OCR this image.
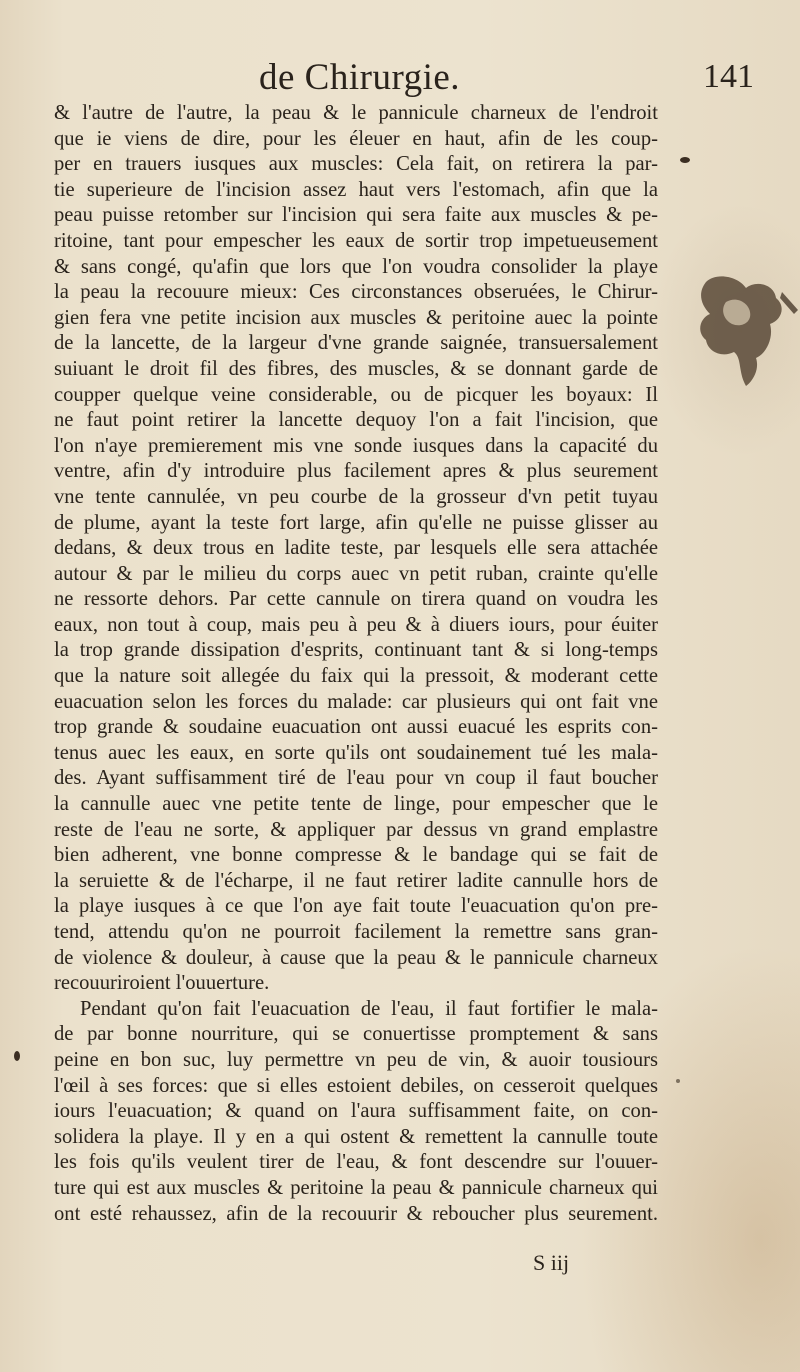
de Chirurgie.	141
& l'autre de l'autre, la peau & le pannicule charneux de l'endroit
que ie viens de dire, pour les éleuer en haut, afin de les coup-
per en trauers iusques aux muscles: Cela fait, on retirera la par-
tie superieure de l'incision assez haut vers l'estomach, afin que la
peau puisse retomber sur l'incision qui sera faite aux muscles & pe-
ritoine, tant pour empescher les eaux de sortir trop impetueusement
& sans congé, qu'afin que lors que l'on voudra consolider la playe
la peau la recouure mieux: Ces circonstances obseruées, le Chirur-
gien fera vne petite incision aux muscles & peritoine auec la pointe
de la lancette, de la largeur d'vne grande saignée, transuersalement
suiuant le droit fil des fibres, des muscles, & se donnant garde de
coupper quelque veine considerable, ou de picquer les boyaux: Il
ne faut point retirer la lancette dequoy l'on a fait l'incision, que
l'on n'aye premierement mis vne sonde iusques dans la capacité du
ventre, afin d'y introduire plus facilement apres & plus seurement
vne tente cannulée, vn peu courbe de la grosseur d'vn petit tuyau
de plume, ayant la teste fort large, afin qu'elle ne puisse glisser au
dedans, & deux trous en ladite teste, par lesquels elle sera attachée
autour & par le milieu du corps auec vn petit ruban, crainte qu'elle
ne ressorte dehors. Par cette cannule on tirera quand on voudra les
eaux, non tout à coup, mais peu à peu & à diuers iours, pour éuiter
la trop grande dissipation d'esprits, continuant tant & si long-temps
que la nature soit allegée du faix qui la pressoit, & moderant cette
euacuation selon les forces du malade: car plusieurs qui ont fait vne
trop grande & soudaine euacuation ont aussi euacué les esprits con-
tenus auec les eaux, en sorte qu'ils ont soudainement tué les mala-
des. Ayant suffisamment tiré de l'eau pour vn coup il faut boucher
la cannulle auec vne petite tente de linge, pour empescher que le
reste de l'eau ne sorte, & appliquer par dessus vn grand emplastre
bien adherent, vne bonne compresse & le bandage qui se fait de
la seruiette & de l'écharpe, il ne faut retirer ladite cannulle hors de
la playe iusques à ce que l'on aye fait toute l'euacuation qu'on pre-
tend, attendu qu'on ne pourroit facilement la remettre sans gran-
de violence & douleur, à cause que la peau & le pannicule charneux
recouuriroient l'ouuerture.
Pendant qu'on fait l'euacuation de l'eau, il faut fortifier le mala-
de par bonne nourriture, qui se conuertisse promptement & sans
peine en bon suc, luy permettre vn peu de vin, & auoir tousiours
l'œil à ses forces: que si elles estoient debiles, on cesseroit quelques
iours l'euacuation; & quand on l'aura suffisamment faite, on con-
solidera la playe. Il y en a qui ostent & remettent la cannulle toute
les fois qu'ils veulent tirer de l'eau, & font descendre sur l'ouuer-
ture qui est aux muscles & peritoine la peau & pannicule charneux qui
ont esté rehaussez, afin de la recouurir & reboucher plus seurement.
S iij
